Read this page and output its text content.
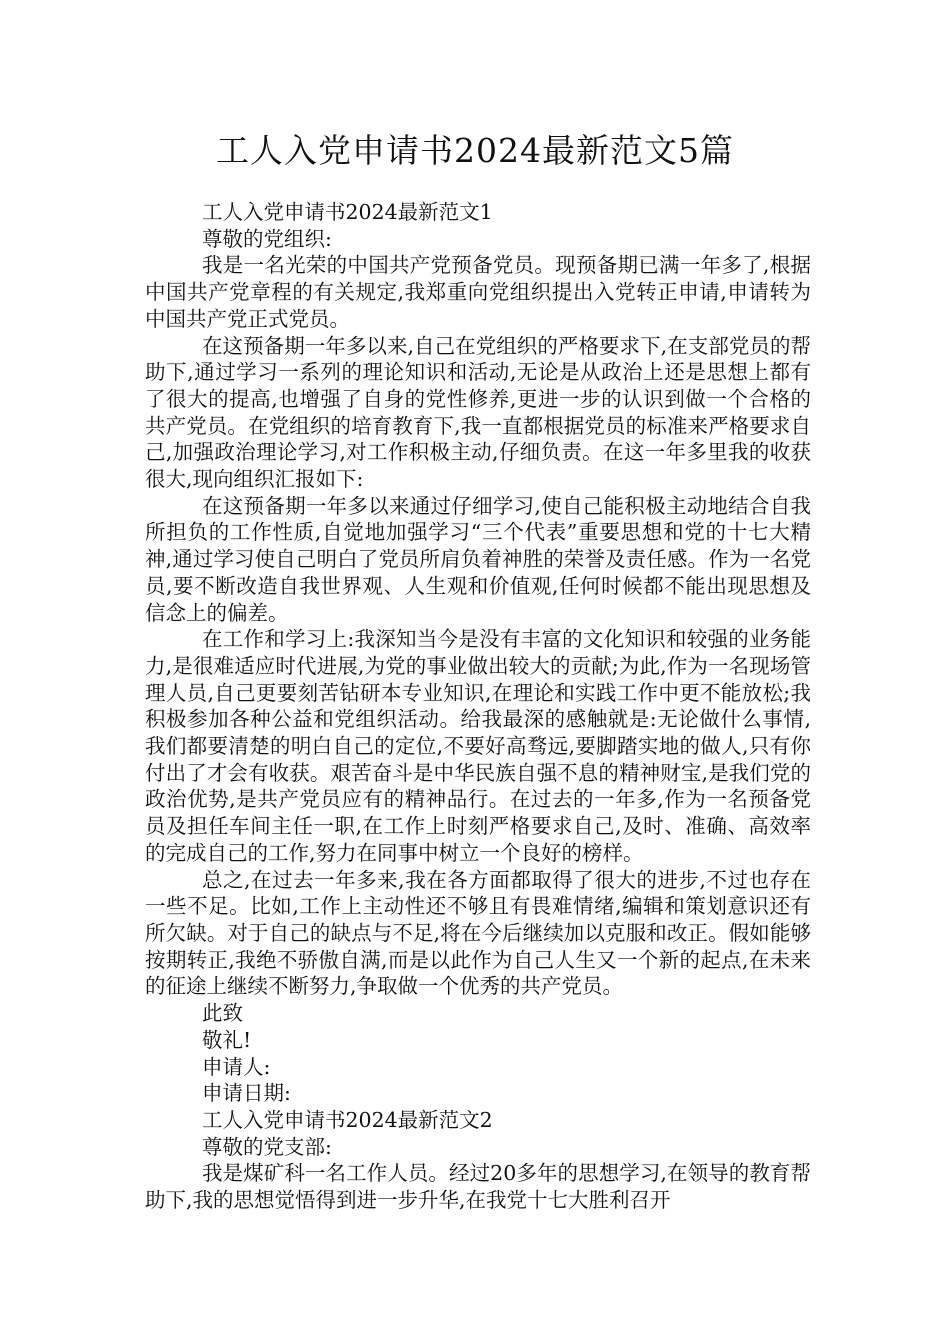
工人入党申请书2024最新范文5篇

工人入党申请书2024最新范文1

尊敬的党组织:

我是一名光荣的中国共产党预备党员。现预备期已满一年多了,根据中国共产党章程的有关规定,我郑重向党组织提出入党转正申请,申请转为中国共产党正式党员。

在这预备期一年多以来,自己在党组织的严格要求下,在支部党员的帮助下,通过学习一系列的理论知识和活动,无论是从政治上还是思想上都有了很大的提高,也增强了自身的党性修养,更进一步的认识到做一个合格的共产党员。在党组织的培育教育下,我一直都根据党员的标准来严格要求自己,加强政治理论学习,对工作积极主动,仔细负责。在这一年多里我的收获很大,现向组织汇报如下:

在这预备期一年多以来通过仔细学习,使自己能积极主动地结合自我所担负的工作性质,自觉地加强学习“三个代表”重要思想和党的十七大精神,通过学习使自己明白了党员所肩负着神胜的荣誉及责任感。作为一名党员,要不断改造自我世界观、人生观和价值观,任何时候都不能出现思想及信念上的偏差。

在工作和学习上:我深知当今是没有丰富的文化知识和较强的业务能力,是很难适应时代进展,为党的事业做出较大的贡献;为此,作为一名现场管理人员,自己更要刻苦钻研本专业知识,在理论和实践工作中更不能放松;我积极参加各种公益和党组织活动。给我最深的感触就是:无论做什么事情,我们都要清楚的明白自己的定位,不要好高骛远,要脚踏实地的做人,只有你付出了才会有收获。艰苦奋斗是中华民族自强不息的精神财宝,是我们党的政治优势,是共产党员应有的精神品行。在过去的一年多,作为一名预备党员及担任车间主任一职,在工作上时刻严格要求自己,及时、准确、高效率的完成自己的工作,努力在同事中树立一个良好的榜样。

总之,在过去一年多来,我在各方面都取得了很大的进步,不过也存在一些不足。比如,工作上主动性还不够且有畏难情绪,编辑和策划意识还有所欠缺。对于自己的缺点与不足,将在今后继续加以克服和改正。假如能够按期转正,我绝不骄傲自满,而是以此作为自己人生又一个新的起点,在未来的征途上继续不断努力,争取做一个优秀的共产党员。

此致

敬礼!

申请人:

申请日期:

工人入党申请书2024最新范文2

尊敬的党支部:

我是煤矿科一名工作人员。经过20多年的思想学习,在领导的教育帮助下,我的思想觉悟得到进一步升华,在我党十七大胜利召开
